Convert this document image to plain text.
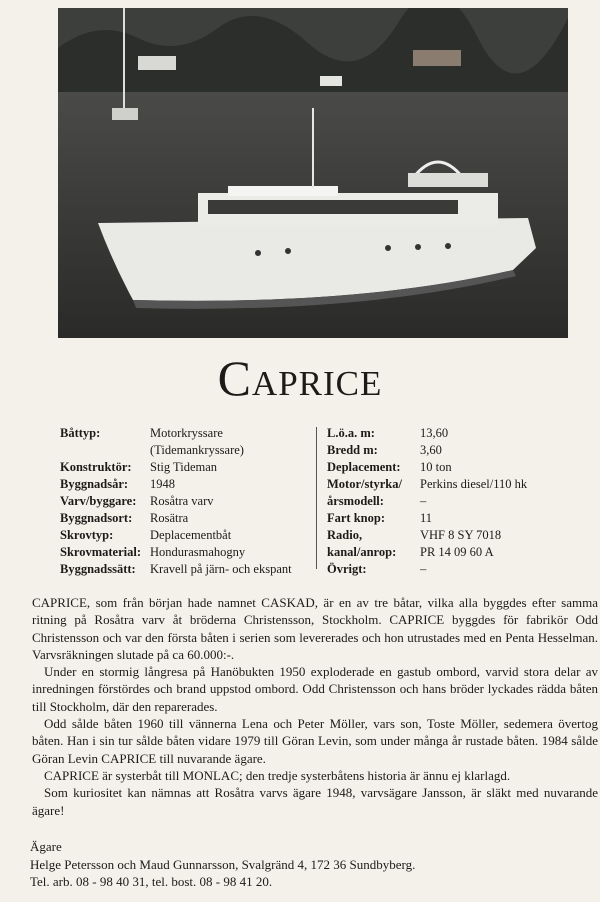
Caprice
Båttyp:	Motorkryssare
(Tidemankryssare)
Konstruktör:	Stig Tideman
Byggnadsår:	1948
Varv/byggare:	Rosåtra varv
Byggnadsort:	Rosätra
Skrovtyp:	Deplacementbåt
Skrovmaterial: Hondurasmahogny
Byggnadssätt:	Kravell på järn- och ekspant
L.ö.a. m:	13,60
Bredd m:	3,60
Deplacement:	10 ton
Motor/styrka/	Perkins diesel/110 hk
årsmodell:	–
Fart knop:	11
Radio,	VHF 8 SY 7018
kanal/anrop:	PR 14 09 60 A
Övrigt:	–

CAPRICE, som från början hade namnet CASKAD, är en av tre båtar, vilka alla byggdes efter samma ritning på Rosåtra varv åt bröderna Christensson, Stockholm. CAPRICE byggdes för fabrikör Odd Christensson och var den första båten i serien som levererades och hon utrustades med en Penta Hesselman. Varvsräkningen slutade på ca 60.000:-.

Under en stormig långresa på Hanöbukten 1950 exploderade en gastub ombord, varvid stora delar av inredningen förstördes och brand uppstod ombord. Odd Christensson och hans bröder lyckades rädda båten till Stockholm, där den reparerades.

Odd sålde båten 1960 till vännerna Lena och Peter Möller, vars son, Toste Möller, sedemera övertog båten. Han i sin tur sålde båten vidare 1979 till Göran Levin, som under många år rustade båten. 1984 sålde Göran Levin CAPRICE till nuvarande ägare.

CAPRICE är systerbåt till MONLAC; den tredje systerbåtens historia är ännu ej klarlagd.

Som kuriositet kan nämnas att Rosåtra varvs ägare 1948, varvsägare Jansson, är släkt med nuvarande ägare!

Ägare
Helge Petersson och Maud Gunnarsson, Svalgränd 4, 172 36 Sundbyberg.
Tel. arb. 08 - 98 40 31, tel. bost. 08 - 98 41 20.
